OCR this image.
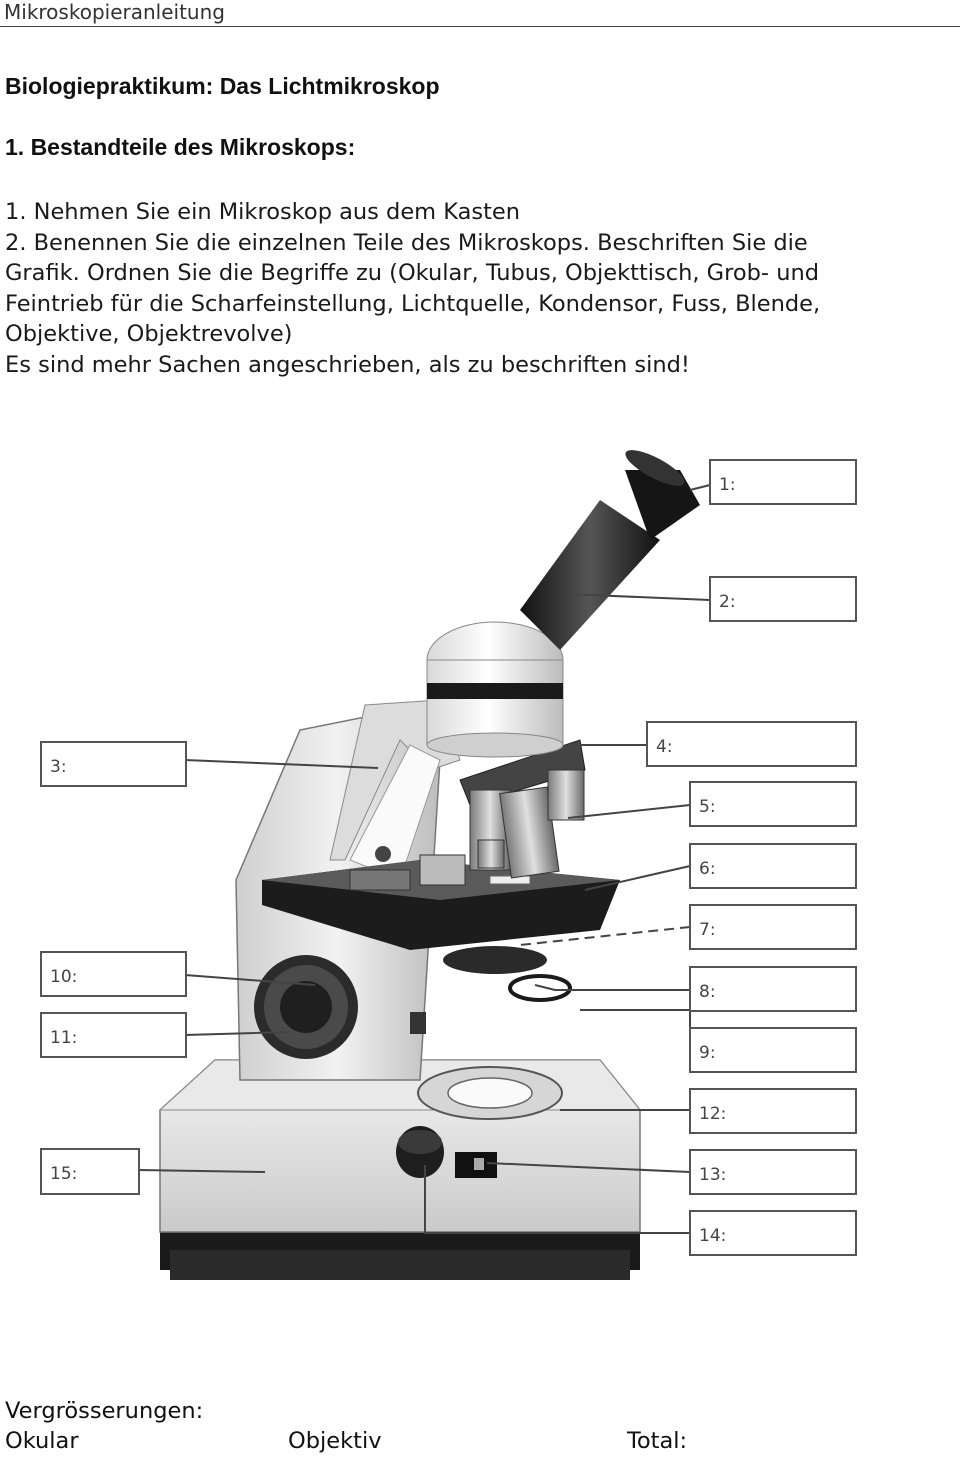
Mikroskopieranleitung
Biologiepraktikum: Das Lichtmikroskop
1. Bestandteile des Mikroskops:
1. Nehmen Sie ein Mikroskop aus dem Kasten
2. Benennen Sie die einzelnen Teile des Mikroskops. Beschriften Sie die
Grafik. Ordnen Sie die Begriffe zu (Okular, Tubus, Objekttisch, Grob- und
Feintrieb für die Scharfeinstellung, Lichtquelle, Kondensor, Fuss, Blende,
Objektive, Objektrevolve)
Es sind mehr Sachen angeschrieben, als zu beschriften sind!
1:
2:
3:
4:
5:
6:
7:
8:
9:
10:
11:
12:
13:
14:
15:
Vergrösserungen:
Okular	Objektiv	Total:
